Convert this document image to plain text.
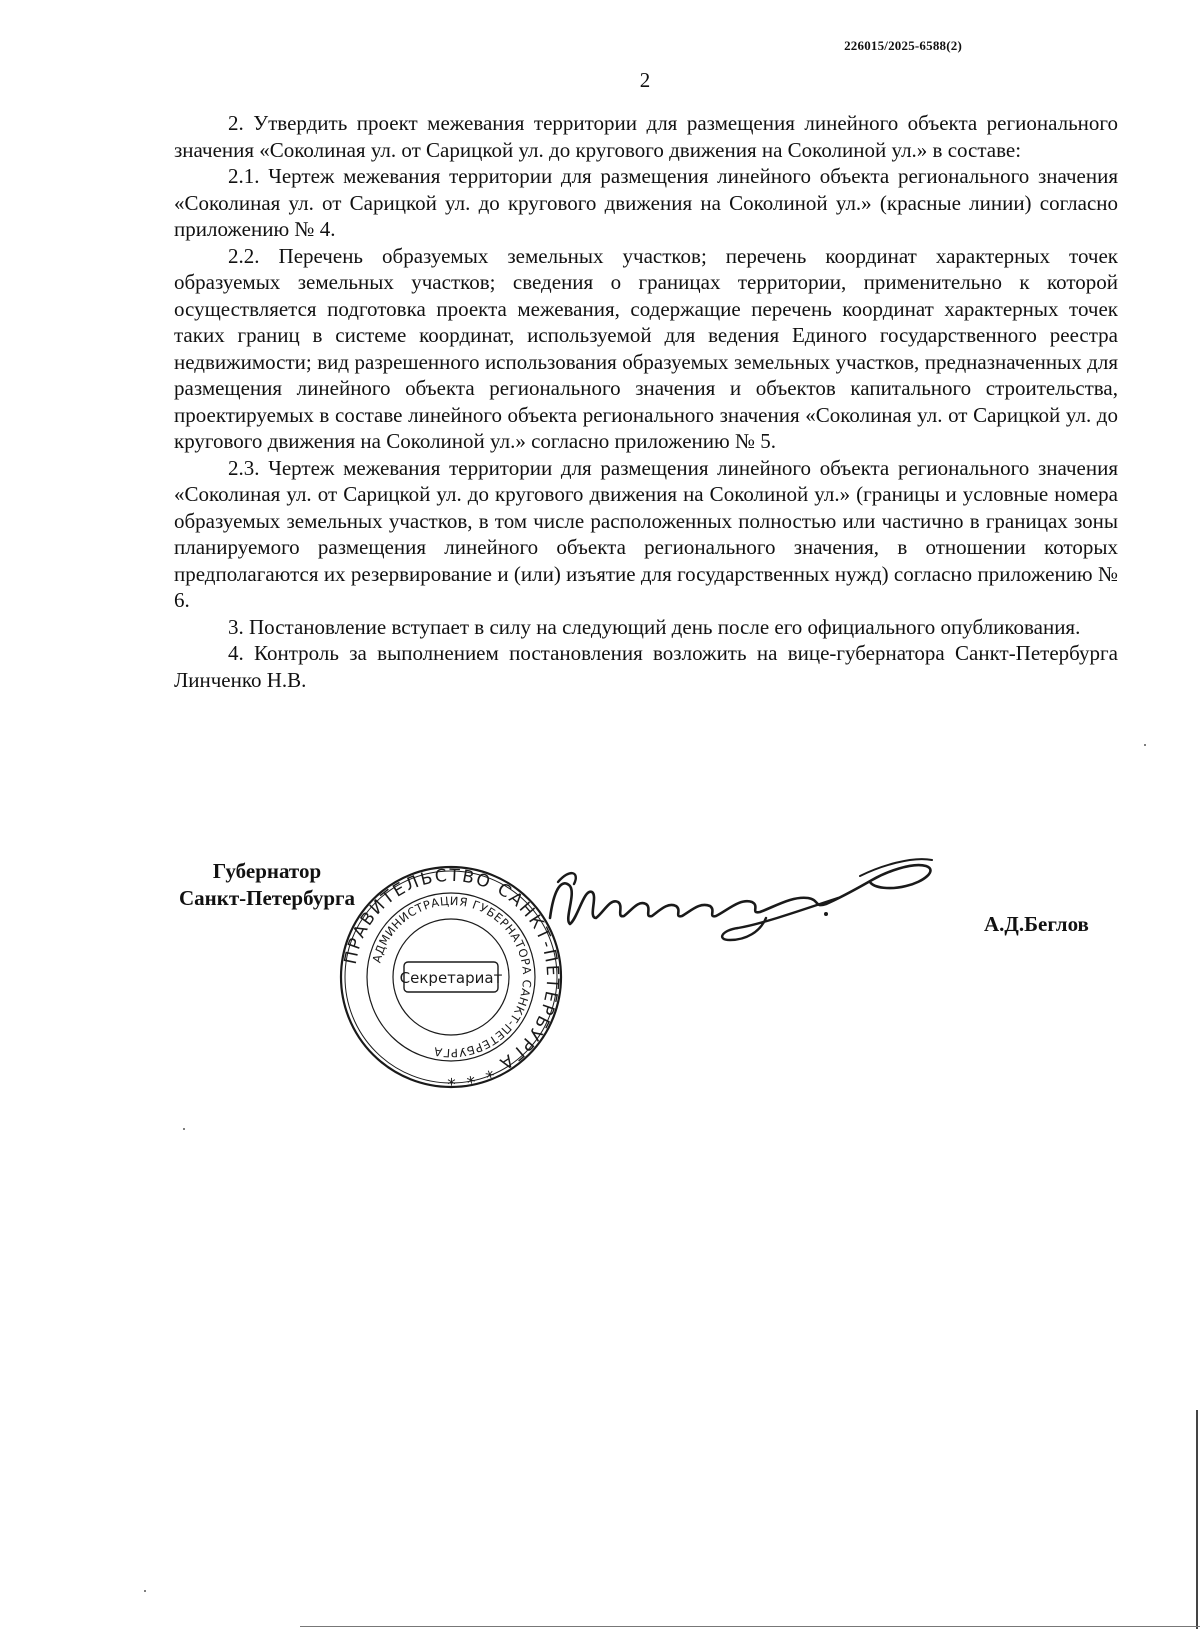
226015/2025-6588(2)
2

2. Утвердить проект межевания территории для размещения линейного объекта регионального значения «Соколиная ул. от Сарицкой ул. до кругового движения на Соколиной ул.» в составе:

2.1. Чертеж межевания территории для размещения линейного объекта регионального значения «Соколиная ул. от Сарицкой ул. до кругового движения на Соколиной ул.» (красные линии) согласно приложению № 4.

2.2. Перечень образуемых земельных участков; перечень координат характерных точек образуемых земельных участков; сведения о границах территории, применительно к которой осуществляется подготовка проекта межевания, содержащие перечень координат характерных точек таких границ в системе координат, используемой для ведения Единого государственного реестра недвижимости; вид разрешенного использования образуемых земельных участков, предназначенных для размещения линейного объекта регионального значения и объектов капитального строительства, проектируемых в составе линейного объекта регионального значения «Соколиная ул. от Сарицкой ул. до кругового движения на Соколиной ул.» согласно приложению № 5.

2.3. Чертеж межевания территории для размещения линейного объекта регионального значения «Соколиная ул. от Сарицкой ул. до кругового движения на Соколиной ул.» (границы и условные номера образуемых земельных участков, в том числе расположенных полностью или частично в границах зоны планируемого размещения линейного объекта регионального значения, в отношении которых предполагаются их резервирование и (или) изъятие для государственных нужд) согласно приложению № 6.

3. Постановление вступает в силу на следующий день после его официального опубликования.

4. Контроль за выполнением постановления возложить на вице-губернатора Санкт-Петербурга Линченко Н.В.

Губернатор
Санкт-Петербурга
А.Д.Беглов
ПРАВИТЕЛЬСТВО САНКТ-ПЕТЕРБУРГА * * *
АДМИНИСТРАЦИЯ ГУБЕРНАТОРА САНКТ-ПЕТЕРБУРГА
Секретариат
